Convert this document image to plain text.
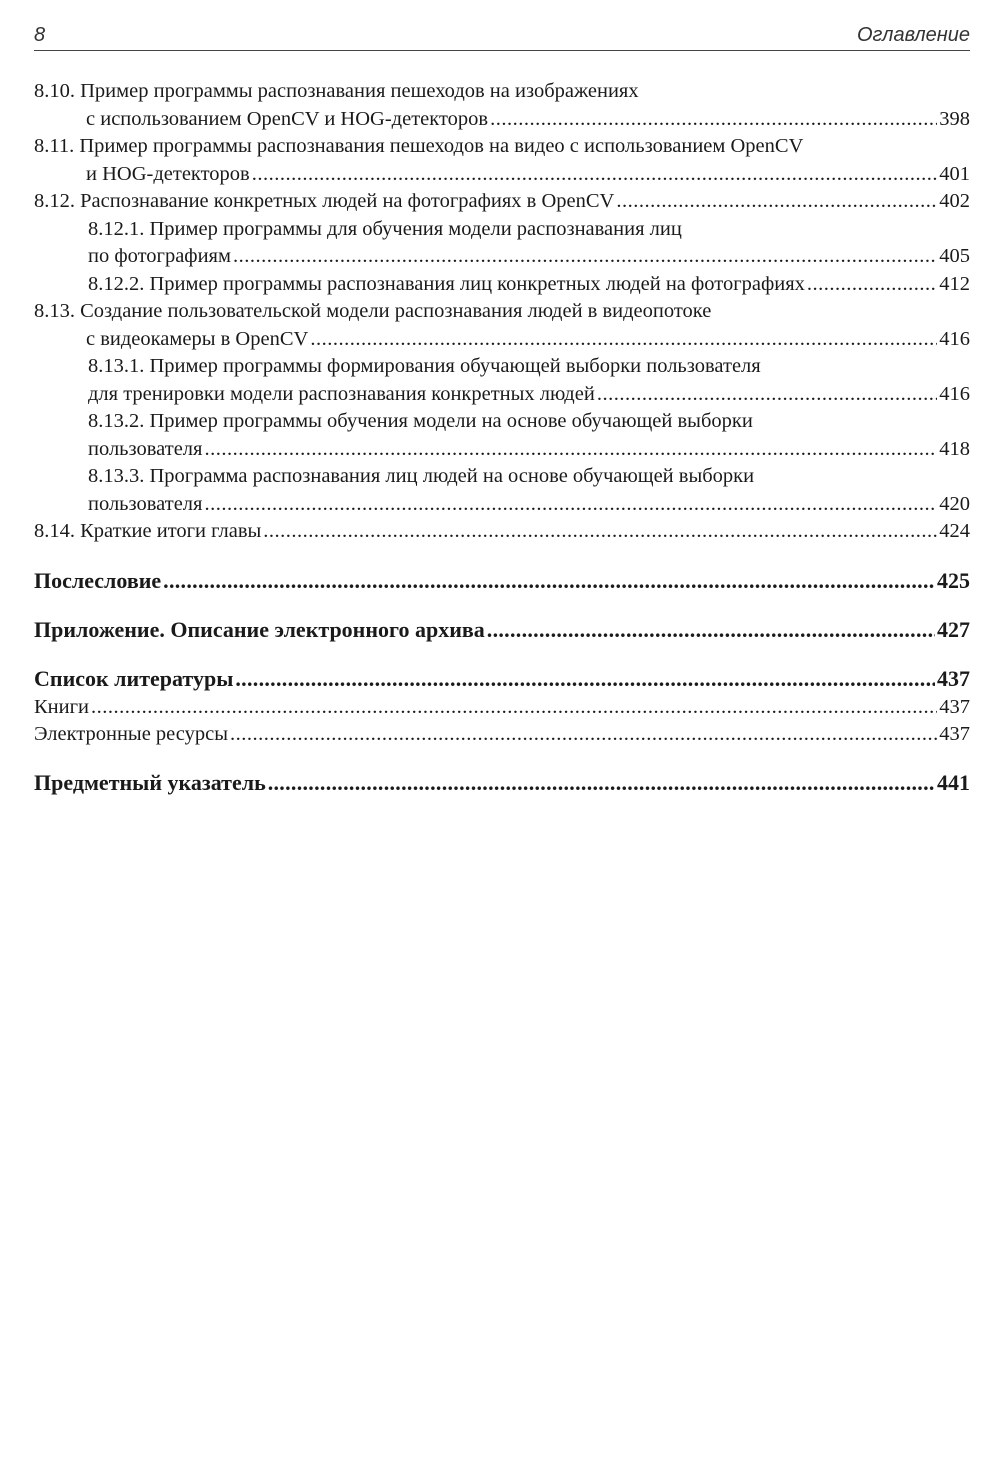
8	Оглавление
8.10. Пример программы распознавания пешеходов на изображениях
с использованием OpenCV и HOG-детекторов .....	398
8.11. Пример программы распознавания пешеходов на видео с использованием OpenCV
и HOG-детекторов .....	401
8.12. Распознавание конкретных людей на фотографиях в OpenCV .....	402
8.12.1. Пример программы для обучения модели распознавания лиц
по фотографиям .....	405
8.12.2. Пример программы распознавания лиц конкретных людей на фотографиях .....	412
8.13. Создание пользовательской модели распознавания людей в видеопотоке
с видеокамеры в OpenCV .....	416
8.13.1. Пример программы формирования обучающей выборки пользователя
для тренировки модели распознавания конкретных людей .....	416
8.13.2. Пример программы обучения модели на основе обучающей выборки
пользователя .....	418
8.13.3. Программа распознавания лиц людей на основе обучающей выборки
пользователя .....	420
8.14. Краткие итоги главы .....	424
Послесловие .....	425
Приложение. Описание электронного архива .....	427
Список литературы .....	437
Книги .....	437
Электронные ресурсы .....	437
Предметный указатель .....	441
